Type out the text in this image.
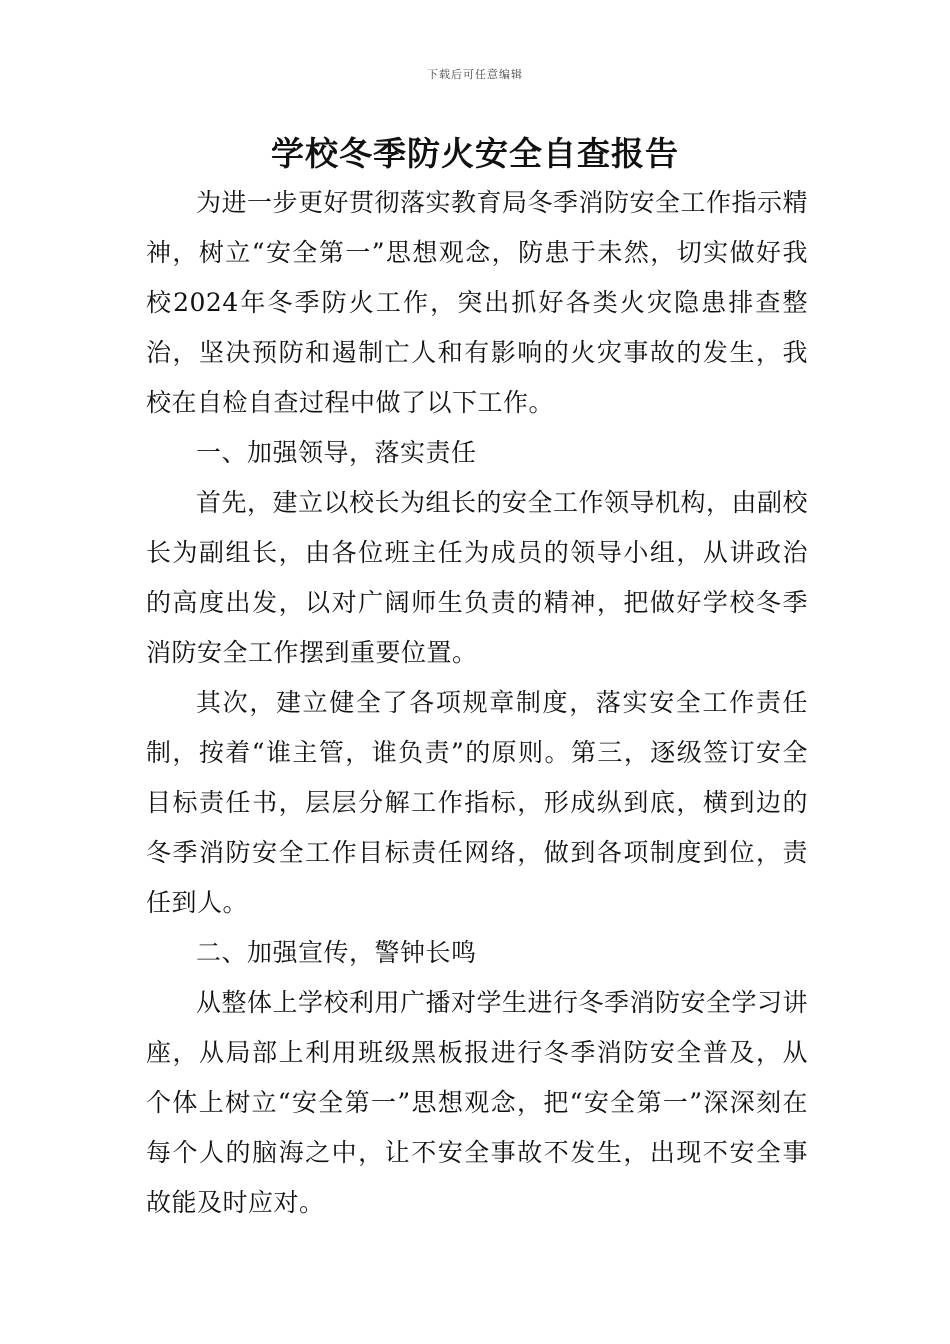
下载后可任意编辑
学校冬季防火安全自查报告

为进一步更好贯彻落实教育局冬季消防安全工作指示精神，树立“安全第一”思想观念，防患于未然，切实做好我校2024年冬季防火工作，突出抓好各类火灾隐患排查整治，坚决预防和遏制亡人和有影响的火灾事故的发生，我校在自检自查过程中做了以下工作。

一、加强领导，落实责任

首先，建立以校长为组长的安全工作领导机构，由副校长为副组长，由各位班主任为成员的领导小组，从讲政治的高度出发，以对广阔师生负责的精神，把做好学校冬季消防安全工作摆到重要位置。

其次，建立健全了各项规章制度，落实安全工作责任制，按着“谁主管，谁负责”的原则。第三，逐级签订安全目标责任书，层层分解工作指标，形成纵到底，横到边的冬季消防安全工作目标责任网络，做到各项制度到位，责任到人。

二、加强宣传，警钟长鸣

从整体上学校利用广播对学生进行冬季消防安全学习讲座，从局部上利用班级黑板报进行冬季消防安全普及，从个体上树立“安全第一”思想观念，把“安全第一”深深刻在每个人的脑海之中，让不安全事故不发生，出现不安全事故能及时应对。
